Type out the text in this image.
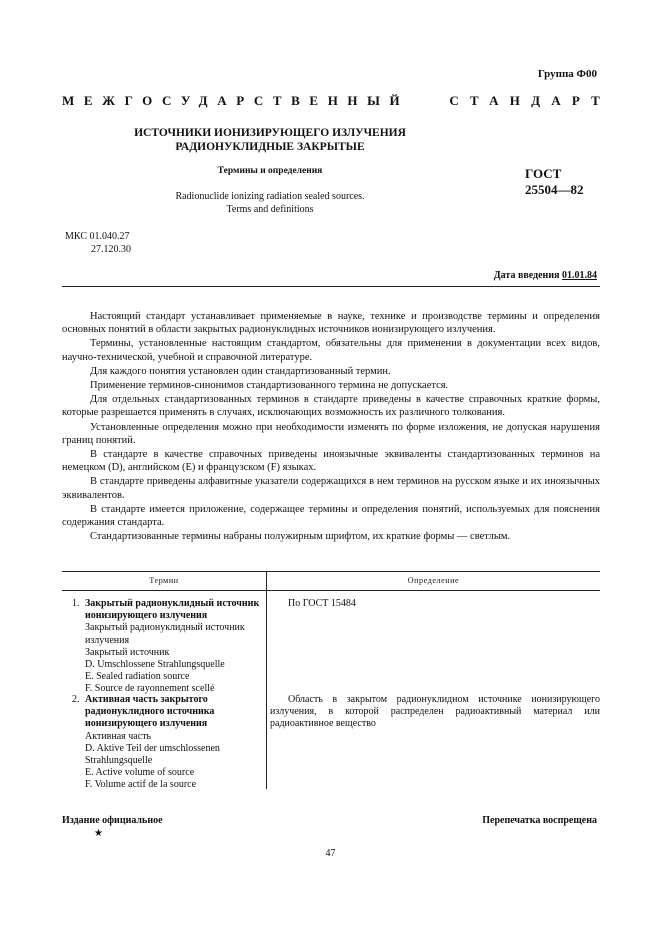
Группа Ф00
МЕЖГОСУДАРСТВЕННЫЙ	СТАНДАРТ
ИСТОЧНИКИ ИОНИЗИРУЮЩЕГО ИЗЛУЧЕНИЯ
РАДИОНУКЛИДНЫЕ ЗАКРЫТЫЕ
Термины и определения
Radionuclide ionizing radiation sealed sources.
Terms and definitions
ГОСТ
25504—82
МКС 01.040.27
27.120.30
Дата введения 01.01.84

Настоящий стандарт устанавливает применяемые в науке, технике и производстве термины и определения основных понятий в области закрытых радионуклидных источников ионизирующего излучения.

Термины, установленные настоящим стандартом, обязательны для применения в документации всех видов, научно-технической, учебной и справочной литературе.

Для каждого понятия установлен один стандартизованный термин.

Применение терминов-синонимов стандартизованного термина не допускается.

Для отдельных стандартизованных терминов в стандарте приведены в качестве справочных краткие формы, которые разрешается применять в случаях, исключающих возможность их различного толкования.

Установленные определения можно при необходимости изменять по форме изложения, не допуская нарушения границ понятий.

В стандарте в качестве справочных приведены иноязычные эквиваленты стандартизованных терминов на немецком (D), английском (E) и французском (F) языках.

В стандарте приведены алфавитные указатели содержащихся в нем терминов на русском языке и их иноязычных эквивалентов.

В стандарте имеется приложение, содержащее термины и определения понятий, используемых для пояснения содержания стандарта.

Стандартизованные термины набраны полужирным шрифтом, их краткие формы — светлым.

Термин	Определение
1. Закрытый радионуклидный источник ионизирующего излучения
Закрытый радионуклидный источник излучения
Закрытый источник
D. Umschlossene Strahlungsquelle
E. Sealed radiation source
F. Source de rayonnement scellé
По ГОСТ 15484
2. Активная часть закрытого радионуклидного источника ионизирующего излучения
Активная часть
D. Aktive Teil der umschlossenen Strahlungsquelle
E. Active volume of source
F. Volume actif de la source
Область в закрытом радионуклидном источнике ионизирующего излучения, в которой распределен радиоактивный материал или радиоактивное вещество
Издание официальное
★
Перепечатка воспрещена
47
